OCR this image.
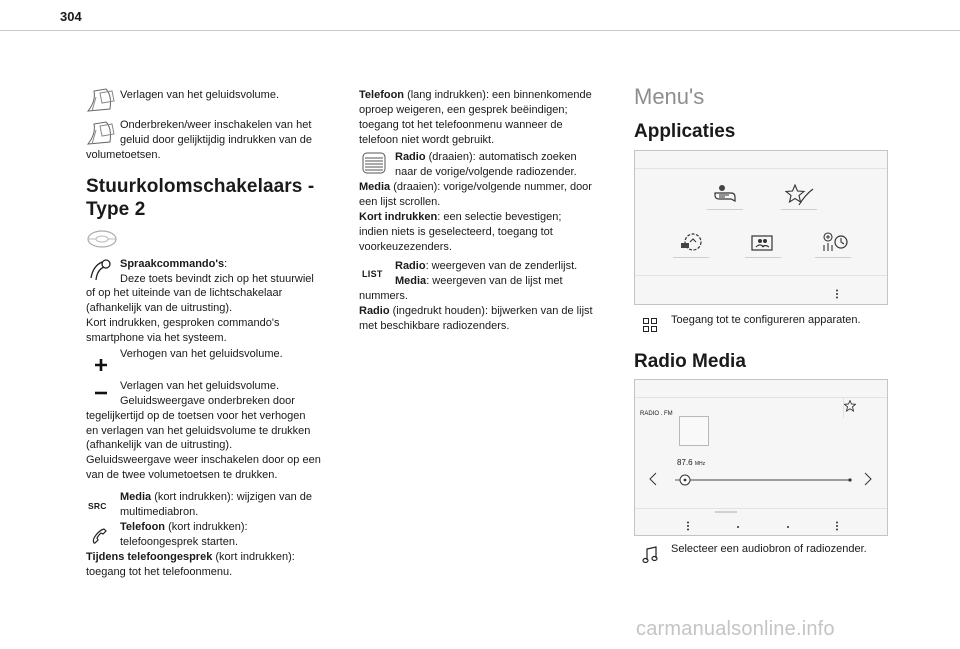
304
Verlagen van het geluidsvolume.
Onderbreken/weer inschakelen van het
geluid door gelijktijdig indrukken van de
volumetoetsen.
Stuurkolomschakelaars -
Type 2
Spraakcommando's:
Deze toets bevindt zich op het stuurwiel
of op het uiteinde van de lichtschakelaar
(afhankelijk van de uitrusting).
Kort indrukken, gesproken commando's
smartphone via het systeem.
Verhogen van het geluidsvolume.
Verlagen van het geluidsvolume.
Geluidsweergave onderbreken door
tegelijkertijd op de toetsen voor het verhogen
en verlagen van het geluidsvolume te drukken
(afhankelijk van de uitrusting).
Geluidsweergave weer inschakelen door op een
van de twee volumetoetsen te drukken.
SRC
Media (kort indrukken): wijzigen van de
multimediabron.
Telefoon (kort indrukken):
telefoongesprek starten.
Tijdens telefoongesprek (kort indrukken):
toegang tot het telefoonmenu.
Telefoon (lang indrukken): een binnenkomende
oproep weigeren, een gesprek beëindigen;
toegang tot het telefoonmenu wanneer de
telefoon niet wordt gebruikt.
Radio (draaien): automatisch zoeken
naar de vorige/volgende radiozender.
Media (draaien): vorige/volgende nummer, door
een lijst scrollen.
Kort indrukken: een selectie bevestigen;
indien niets is geselecteerd, toegang tot
voorkeuzezenders.
LIST
Radio: weergeven van de zenderlijst.
Media: weergeven van de lijst met
nummers.
Radio (ingedrukt houden): bijwerken van de lijst
met beschikbare radiozenders.
Menu's
Applicaties
Toegang tot te configureren apparaten.
Radio Media
RADIO . FM
87.6 MHz
Selecteer een audiobron of radiozender.
carmanualsonline.info
